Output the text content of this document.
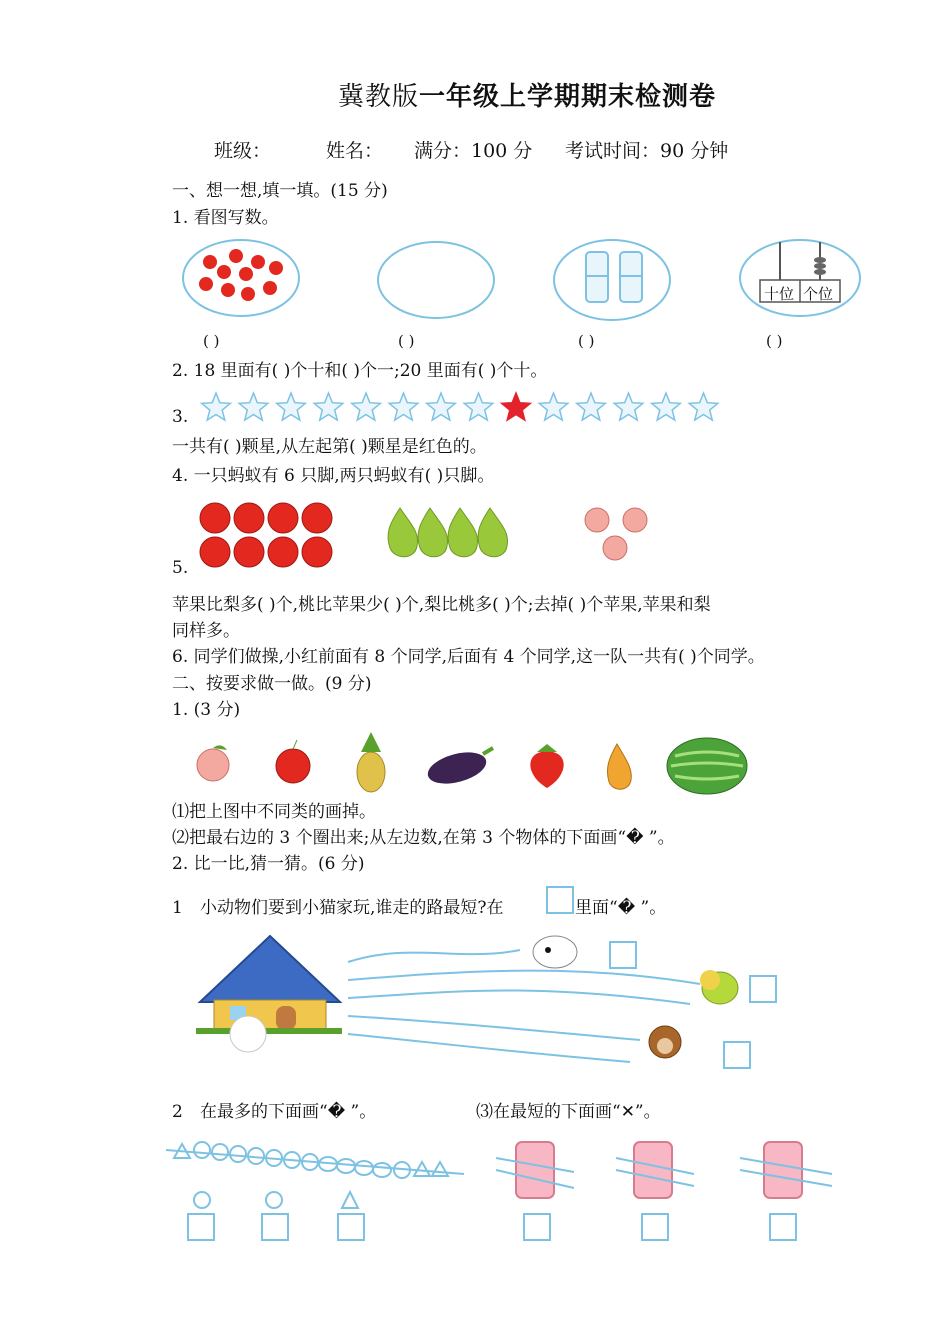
冀教版一年级上学期期末检测卷
班级：	姓名： 满分：100 分 考试时间：90 分钟
一、想一想,填一填。(15 分)
1. 看图写数。
十位 个位
( )	( )	( )	( )
2. 18 里面有( )个十和( )个一;20 里面有( )个十。
3.
一共有( )颗星,从左起第( )颗星是红色的。
4. 一只蚂蚁有 6 只脚,两只蚂蚁有( )只脚。
5.
苹果比梨多( )个,桃比苹果少( )个,梨比桃多( )个;去掉( )个苹果,苹果和梨
同样多。
6. 同学们做操,小红前面有 8 个同学,后面有 4 个同学,这一队一共有( )个同学。
二、按要求做一做。(9 分)
1. (3 分)
⑴把上图中不同类的画掉。
⑵把最右边的 3 个圈出来;从左边数,在第 3 个物体的下面画“� ”。
2. 比一比,猜一猜。(6 分)
1 小动物们要到小猫家玩,谁走的路最短?在	里面“� ”。
2 在最多的下面画“� ”。	⑶在最短的下面画“✕”。
